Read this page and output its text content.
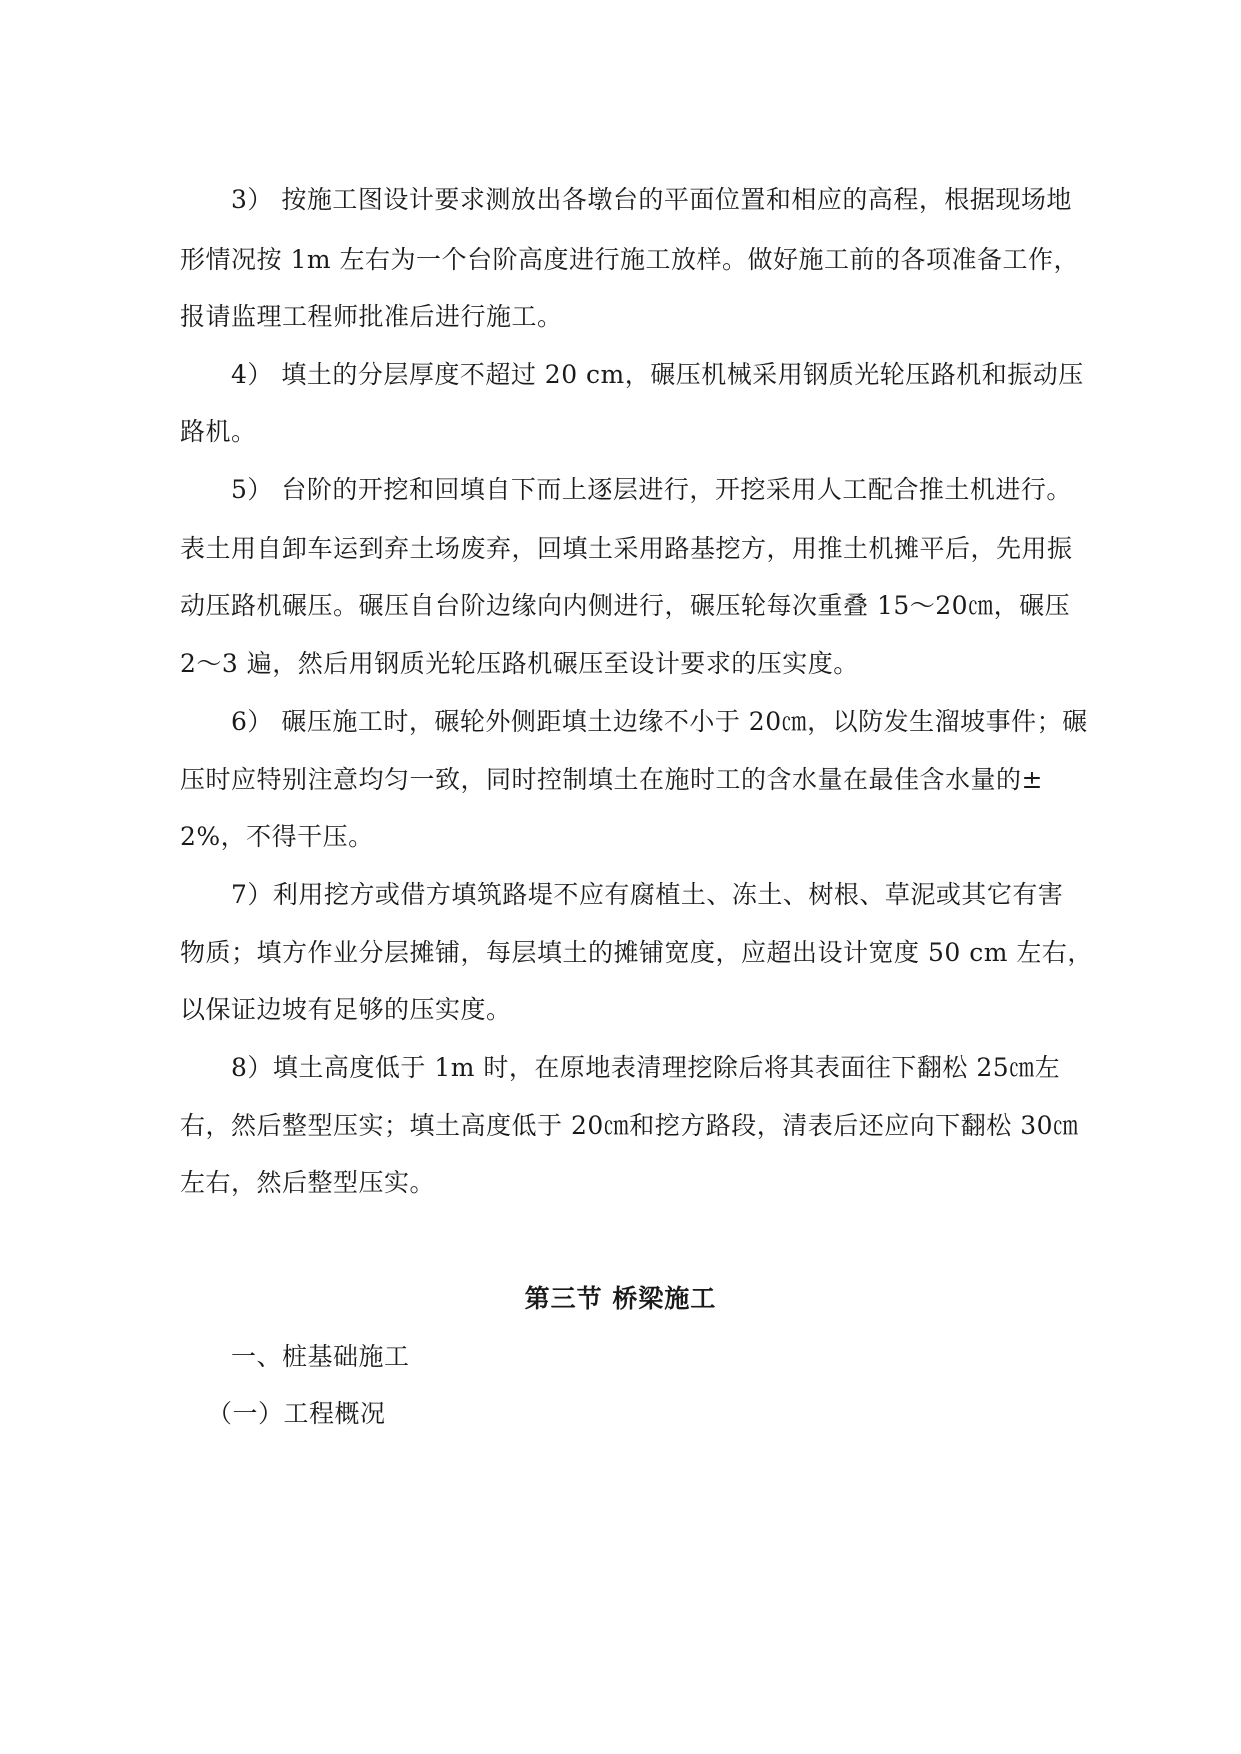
3） 按施工图设计要求测放出各墩台的平面位置和相应的高程，根据现场地

形情况按 1m 左右为一个台阶高度进行施工放样。做好施工前的各项准备工作，

报请监理工程师批准后进行施工。

4） 填土的分层厚度不超过 20 cm，碾压机械采用钢质光轮压路机和振动压

路机。

5） 台阶的开挖和回填自下而上逐层进行，开挖采用人工配合推土机进行。

表土用自卸车运到弃土场废弃，回填土采用路基挖方，用推土机摊平后，先用振

动压路机碾压。碾压自台阶边缘向内侧进行，碾压轮每次重叠 15～20㎝，碾压

2～3 遍，然后用钢质光轮压路机碾压至设计要求的压实度。

6） 碾压施工时，碾轮外侧距填土边缘不小于 20㎝，以防发生溜坡事件；碾

压时应特别注意均匀一致，同时控制填土在施时工的含水量在最佳含水量的±

2%，不得干压。

7）利用挖方或借方填筑路堤不应有腐植土、冻土、树根、草泥或其它有害

物质；填方作业分层摊铺，每层填土的摊铺宽度，应超出设计宽度 50 cm 左右，

以保证边坡有足够的压实度。

8）填土高度低于 1m 时，在原地表清理挖除后将其表面往下翻松 25㎝左

右，然后整型压实；填土高度低于 20㎝和挖方路段，清表后还应向下翻松 30㎝

左右，然后整型压实。

第三节 桥梁施工

一、桩基础施工

（一）工程概况
